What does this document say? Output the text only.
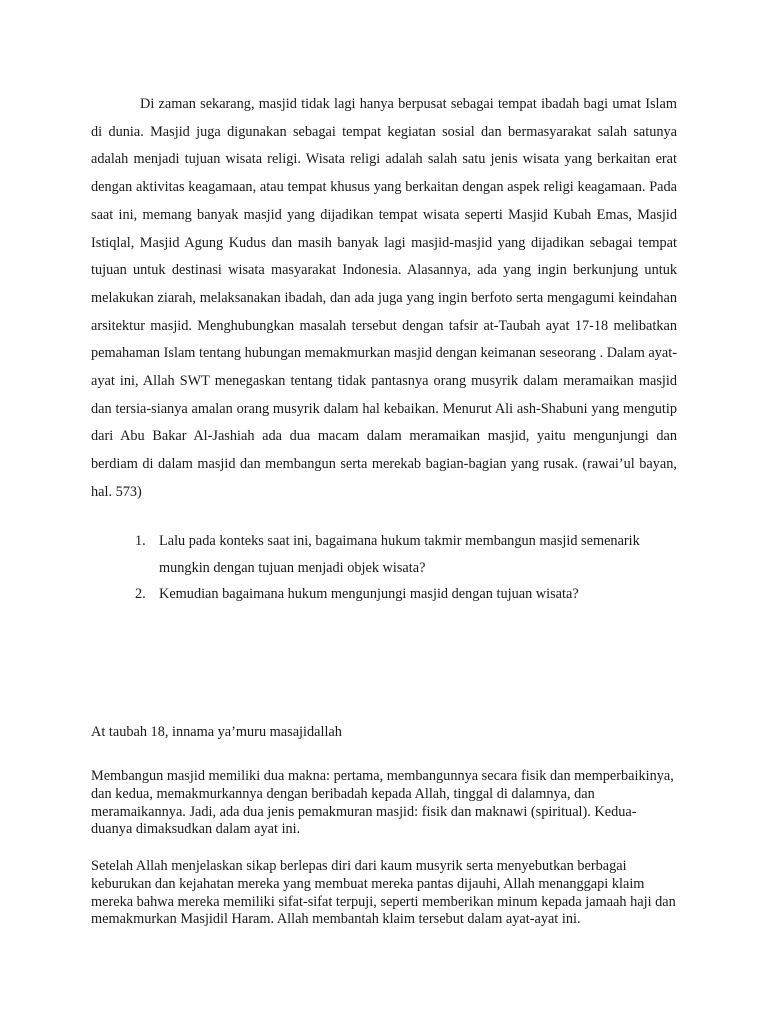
Di zaman sekarang, masjid tidak lagi hanya berpusat sebagai tempat ibadah bagi umat Islam di dunia. Masjid juga digunakan sebagai tempat kegiatan sosial dan bermasyarakat salah satunya adalah menjadi tujuan wisata religi. Wisata religi adalah salah satu jenis wisata yang berkaitan erat dengan aktivitas keagamaan, atau tempat khusus yang berkaitan dengan aspek religi keagamaan. Pada saat ini, memang banyak masjid yang dijadikan tempat wisata seperti Masjid Kubah Emas, Masjid Istiqlal, Masjid Agung Kudus dan masih banyak lagi masjid-masjid yang dijadikan sebagai tempat tujuan untuk destinasi wisata masyarakat Indonesia. Alasannya, ada yang ingin berkunjung untuk melakukan ziarah, melaksanakan ibadah, dan ada juga yang ingin berfoto serta mengagumi keindahan arsitektur masjid. Menghubungkan masalah tersebut dengan tafsir at-Taubah ayat 17-18 melibatkan pemahaman Islam tentang hubungan memakmurkan masjid dengan keimanan seseorang . Dalam ayat-ayat ini, Allah SWT menegaskan tentang tidak pantasnya orang musyrik dalam meramaikan masjid dan tersia-sianya amalan orang musyrik dalam hal kebaikan. Menurut Ali ash-Shabuni yang mengutip dari Abu Bakar Al-Jashiah ada dua macam dalam meramaikan masjid, yaitu mengunjungi dan berdiam di dalam masjid dan membangun serta merekab bagian-bagian yang rusak. (rawai’ul bayan, hal. 573)

1. Lalu pada konteks saat ini, bagaimana hukum takmir membangun masjid semenarik mungkin dengan tujuan menjadi objek wisata?
2. Kemudian bagaimana hukum mengunjungi masjid dengan tujuan wisata?

At taubah 18, innama ya’muru masajidallah

Membangun masjid memiliki dua makna: pertama, membangunnya secara fisik dan memperbaikinya, dan kedua, memakmurkannya dengan beribadah kepada Allah, tinggal di dalamnya, dan meramaikannya. Jadi, ada dua jenis pemakmuran masjid: fisik dan maknawi (spiritual). Kedua-duanya dimaksudkan dalam ayat ini.

Setelah Allah menjelaskan sikap berlepas diri dari kaum musyrik serta menyebutkan berbagai keburukan dan kejahatan mereka yang membuat mereka pantas dijauhi, Allah menanggapi klaim mereka bahwa mereka memiliki sifat-sifat terpuji, seperti memberikan minum kepada jamaah haji dan memakmurkan Masjidil Haram. Allah membantah klaim tersebut dalam ayat-ayat ini.
